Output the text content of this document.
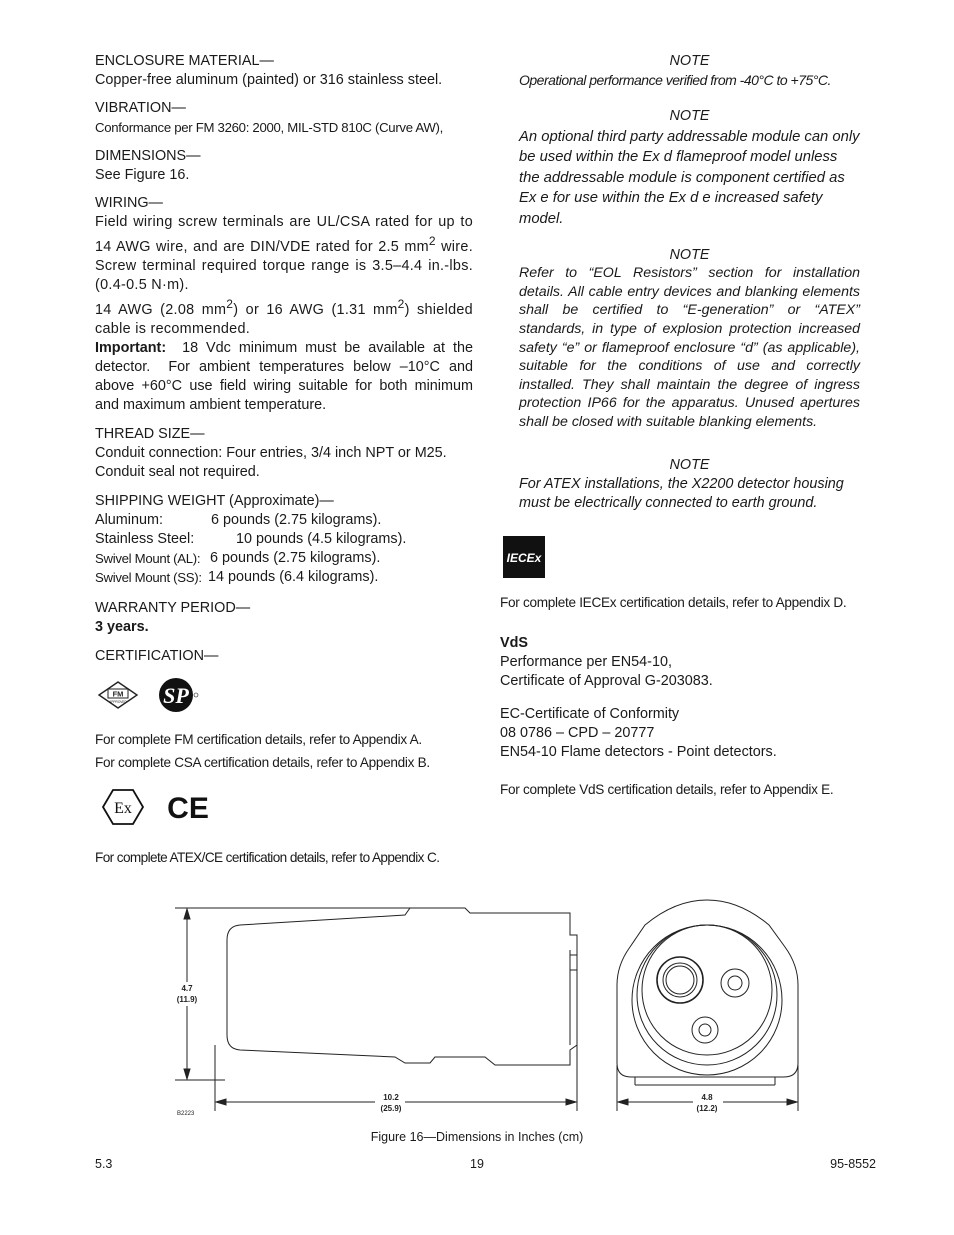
ENCLOSURE MATERIAL—
Copper-free aluminum (painted) or 316 stainless steel.
VIBRATION—
Conformance per FM 3260: 2000, MIL-STD 810C (Curve AW),
DIMENSIONS—
See Figure 16.
WIRING—
Field wiring screw terminals are UL/CSA rated for up to 14 AWG wire, and are DIN/VDE rated for 2.5 $mm^2$ wire. Screw terminal required torque range is 3.5–4.4 in.-lbs. (0.4-0.5 N·m).
14 AWG (2.08 $mm^2$) or 16 AWG (1.31 $mm^2$) shielded cable is recommended.
Important:  18 Vdc minimum must be available at the detector.  For ambient temperatures below –10°C and above +60°C use field wiring suitable for both minimum and maximum ambient temperature.
THREAD SIZE—
Conduit connection: Four entries, 3/4 inch NPT or M25.
Conduit seal not required.
SHIPPING WEIGHT (Approximate)—
Aluminum:	6 pounds (2.75 kilograms).
Stainless Steel:	10 pounds (4.5 kilograms).
Swivel Mount (AL): 6 pounds (2.75 kilograms).
Swivel Mount (SS): 14 pounds (6.4 kilograms).
WARRANTY PERIOD—
3 years.
CERTIFICATION—
FM
APPROVED SP
For complete FM certification details, refer to Appendix A.
For complete CSA certification details, refer to Appendix B.
Ex CE
For complete ATEX/CE certification details, refer to Appendix C.
NOTE
Operational performance verified from -40°C to +75°C.
NOTE
An optional third party addressable module can only be used within the Ex d flameproof model unless the addressable module is component certified as Ex e for use within the Ex d e increased safety model.
NOTE
Refer to “EOL Resistors” section for installation details. All cable entry devices and blanking elements shall be certified to “E-generation” or “ATEX” standards, in type of explosion protection increased safety “e” or flameproof enclosure “d” (as applicable), suitable for the conditions of use and correctly installed. They shall maintain the degree of ingress protection IP66 for the apparatus. Unused apertures shall be closed with suitable blanking elements.
NOTE
For ATEX installations, the X2200 detector housing must be electrically connected to earth ground.
IECEx
For complete IECEx certification details, refer to Appendix D.
VdS
Performance per EN54-10,
Certificate of Approval G-203083.
EC-Certificate of Conformity
08 0786 – CPD – 20777
EN54-10 Flame detectors - Point detectors.
For complete VdS certification details, refer to Appendix E.
4.7
(11.9)
10.2
(25.9)
4.8
(12.2)
B2223
Figure 16—Dimensions in Inches (cm)
5.3	19	95-8552
